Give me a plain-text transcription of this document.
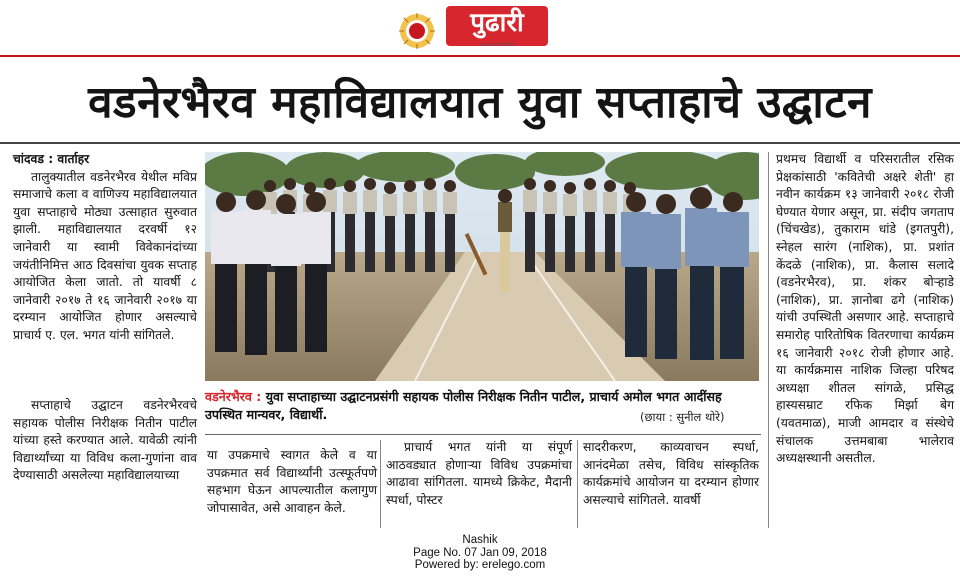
पुढारी
एक नंबरचे मराठी दैनिक
वडनेरभैरव महाविद्यालयात युवा सप्ताहाचे उद्घाटन

चांदवड : वार्ताहर

तालुक्यातील वडनेरभैरव येथील मविप्र समाजाचे कला व वाणिज्य महाविद्यालयात युवा सप्ताहाचे मोठ्या उत्साहात सुरुवात झाली. महाविद्यालयात दरवर्षी १२ जानेवारी या स्वामी विवेकानंदांच्या जयंतीनिमित्त आठ दिवसांचा युवक सप्ताह आयोजित केला जातो. तो यावर्षी ८ जानेवारी २०१७ ते १६ जानेवारी २०१७ या दरम्यान आयोजित होणार असल्याचे प्राचार्य ए. एल. भगत यांनी सांगितले.

सप्ताहाचे उद्घाटन वडनेरभैरवचे सहायक पोलीस निरीक्षक नितीन पाटील यांच्या हस्ते करण्यात आले. यावेळी त्यांनी विद्यार्थ्यांच्या या विविध कला-गुणांना वाव देण्यासाठी असलेल्या महाविद्यालयाच्या

वडनेरभैरव : युवा सप्ताहाच्या उद्घाटनप्रसंगी सहायक पोलीस निरीक्षक नितीन पाटील, प्राचार्य अमोल भगत आदींसह उपस्थित मान्यवर, विद्यार्थी.	(छाया : सुनील थोरे)

या उपक्रमाचे स्वागत केले व या उपक्रमात सर्व विद्यार्थ्यांनी उत्स्फूर्तपणे सहभाग घेऊन आपल्यातील कलागुण जोपासावेत, असे आवाहन केले.

प्राचार्य भगत यांनी या संपूर्ण आठवड्यात होणाऱ्या विविध उपक्रमांचा आढावा सांगितला. यामध्ये क्रिकेट, मैदानी स्पर्धा, पोस्टर

सादरीकरण, काव्यवाचन स्पर्धा, आनंदमेळा तसेच, विविध सांस्कृतिक कार्यक्रमांचे आयोजन या दरम्यान होणार असल्याचे सांगितले. यावर्षी

प्रथमच विद्यार्थी व परिसरातील रसिक प्रेक्षकांसाठी 'कवितेची अक्षरे शेती' हा नवीन कार्यक्रम १३ जानेवारी २०१८ रोजी घेण्यात येणार असून, प्रा. संदीप जगताप (चिंचखेड), तुकाराम धांडे (इगतपुरी), स्नेहल सारंग (नाशिक), प्रा. प्रशांत केंदळे (नाशिक), प्रा. कैलास सलादे (वडनेरभैरव), प्रा. शंकर बोऱ्हाडे (नाशिक), प्रा. ज्ञानोबा ढगे (नाशिक) यांची उपस्थिती असणार आहे. सप्ताहाचे समारोह पारितोषिक वितरणाचा कार्यक्रम १६ जानेवारी २०१८ रोजी होणार आहे. या कार्यक्रमास नाशिक जिल्हा परिषद अध्यक्षा शीतल सांगळे, प्रसिद्ध हास्यसम्राट रफिक मिर्झा बेग (यवतमाळ), माजी आमदार व संस्थेचे संचालक उत्तमबाबा भालेराव अध्यक्षस्थानी असतील.

Nashik
Page No. 07 Jan 09, 2018
Powered by: erelego.com
